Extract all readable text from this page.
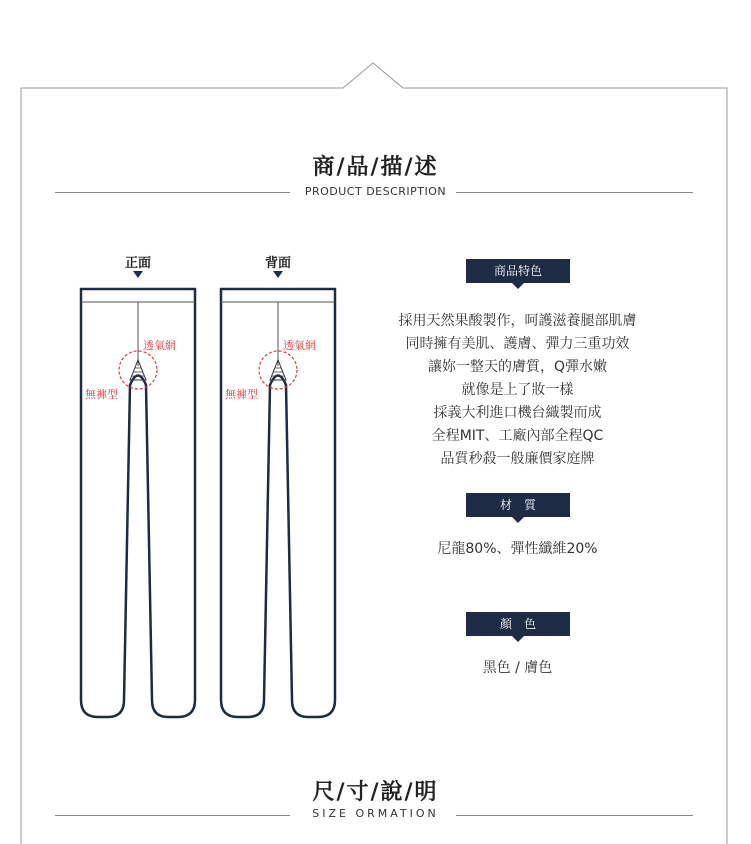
商/品/描/述
PRODUCT DESCRIPTION
正面	背面
透氣網
無褲型
透氣網
無褲型
商品特色
採用天然果酸製作，呵護滋養腿部肌膚
同時擁有美肌、護膚、彈力三重功效
讓妳一整天的膚質，Q彈水嫩
就像是上了妝一樣
採義大利進口機台織製而成
全程MIT、工廠內部全程QC
品質秒殺一般廉價家庭牌
材　質
尼龍80%、彈性纖維20%
顏　色
黑色 / 膚色
尺/寸/說/明
SIZE ORMATION
